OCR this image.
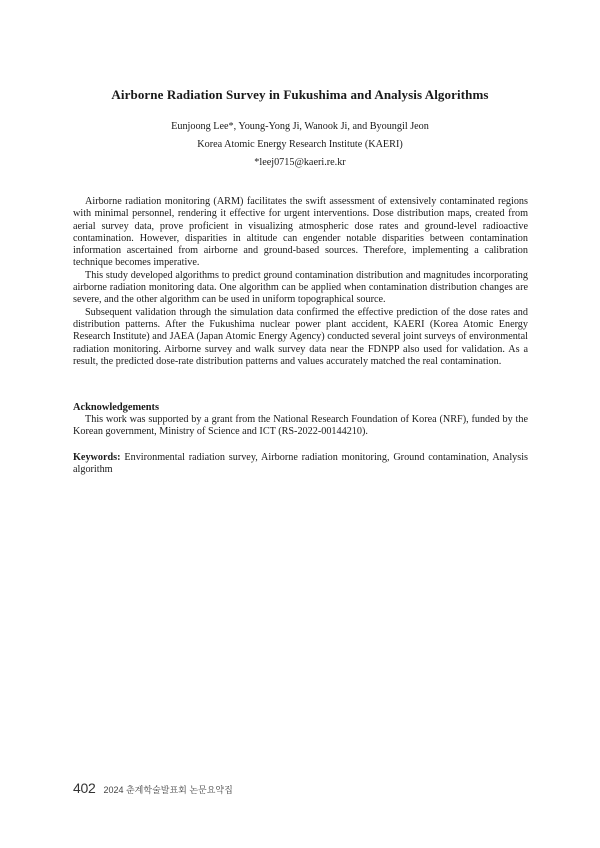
Airborne Radiation Survey in Fukushima and Analysis Algorithms
Eunjoong Lee*, Young-Yong Ji, Wanook Ji, and Byoungil Jeon
Korea Atomic Energy Research Institute (KAERI)
*leej0715@kaeri.re.kr

Airborne radiation monitoring (ARM) facilitates the swift assessment of extensively contaminated regions with minimal personnel, rendering it effective for urgent interventions. Dose distribution maps, created from aerial survey data, prove proficient in visualizing atmospheric dose rates and ground-level radioactive contamination. However, disparities in altitude can engender notable disparities between contamination information ascertained from airborne and ground-based sources. Therefore, implementing a calibration technique becomes imperative.

This study developed algorithms to predict ground contamination distribution and magnitudes incorporating airborne radiation monitoring data. One algorithm can be applied when contamination distribution changes are severe, and the other algorithm can be used in uniform topographical source.

Subsequent validation through the simulation data confirmed the effective prediction of the dose rates and distribution patterns. After the Fukushima nuclear power plant accident, KAERI (Korea Atomic Energy Research Institute) and JAEA (Japan Atomic Energy Agency) conducted several joint surveys of environmental radiation monitoring. Airborne survey and walk survey data near the FDNPP also used for validation. As a result, the predicted dose-rate distribution patterns and values accurately matched the real contamination.

Acknowledgements
This work was supported by a grant from the National Research Foundation of Korea (NRF), funded by the Korean government, Ministry of Science and ICT (RS-2022-00144210).
Keywords: Environmental radiation survey, Airborne radiation monitoring, Ground contamination, Analysis algorithm
402 2024 춘계학술발표회 논문요약집
